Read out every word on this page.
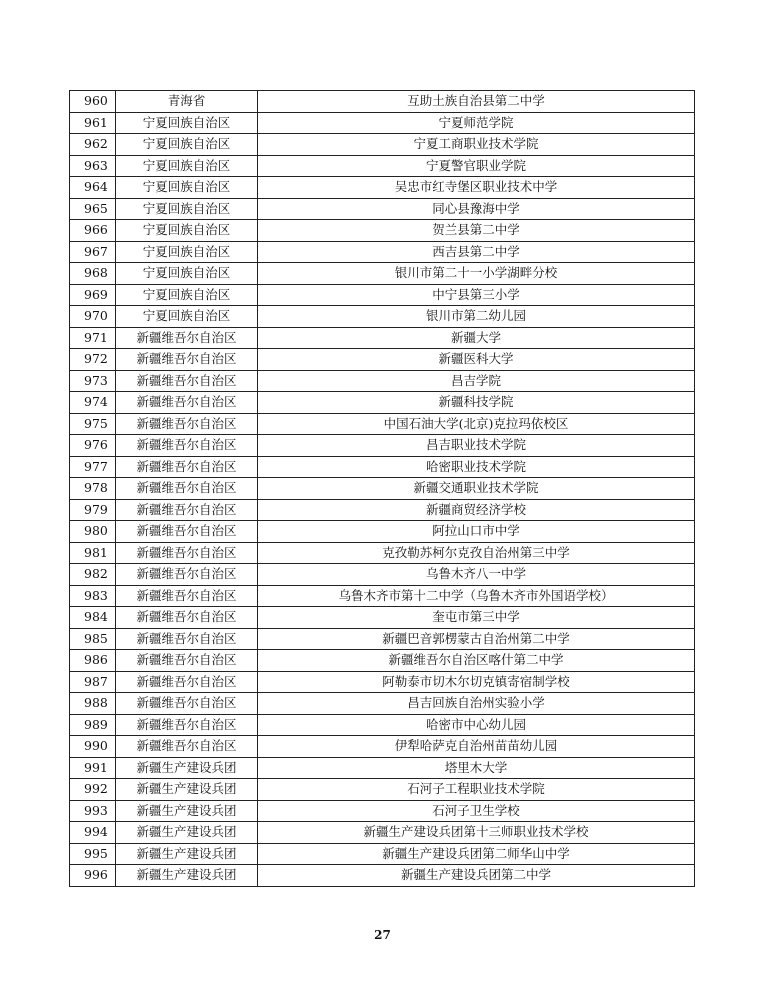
960	青海省	互助土族自治县第二中学
961	宁夏回族自治区	宁夏师范学院
962	宁夏回族自治区	宁夏工商职业技术学院
963	宁夏回族自治区	宁夏警官职业学院
964	宁夏回族自治区	吴忠市红寺堡区职业技术中学
965	宁夏回族自治区	同心县豫海中学
966	宁夏回族自治区	贺兰县第二中学
967	宁夏回族自治区	西吉县第二中学
968	宁夏回族自治区	银川市第二十一小学湖畔分校
969	宁夏回族自治区	中宁县第三小学
970	宁夏回族自治区	银川市第二幼儿园
971	新疆维吾尔自治区	新疆大学
972	新疆维吾尔自治区	新疆医科大学
973	新疆维吾尔自治区	昌吉学院
974	新疆维吾尔自治区	新疆科技学院
975	新疆维吾尔自治区	中国石油大学(北京)克拉玛依校区
976	新疆维吾尔自治区	昌吉职业技术学院
977	新疆维吾尔自治区	哈密职业技术学院
978	新疆维吾尔自治区	新疆交通职业技术学院
979	新疆维吾尔自治区	新疆商贸经济学校
980	新疆维吾尔自治区	阿拉山口市中学
981	新疆维吾尔自治区	克孜勒苏柯尔克孜自治州第三中学
982	新疆维吾尔自治区	乌鲁木齐八一中学
983	新疆维吾尔自治区	乌鲁木齐市第十二中学（乌鲁木齐市外国语学校）
984	新疆维吾尔自治区	奎屯市第三中学
985	新疆维吾尔自治区	新疆巴音郭楞蒙古自治州第二中学
986	新疆维吾尔自治区	新疆维吾尔自治区喀什第二中学
987	新疆维吾尔自治区	阿勒泰市切木尔切克镇寄宿制学校
988	新疆维吾尔自治区	昌吉回族自治州实验小学
989	新疆维吾尔自治区	哈密市中心幼儿园
990	新疆维吾尔自治区	伊犁哈萨克自治州苗苗幼儿园
991	新疆生产建设兵团	塔里木大学
992	新疆生产建设兵团	石河子工程职业技术学院
993	新疆生产建设兵团	石河子卫生学校
994	新疆生产建设兵团	新疆生产建设兵团第十三师职业技术学校
995	新疆生产建设兵团	新疆生产建设兵团第二师华山中学
996	新疆生产建设兵团	新疆生产建设兵团第二中学
27
